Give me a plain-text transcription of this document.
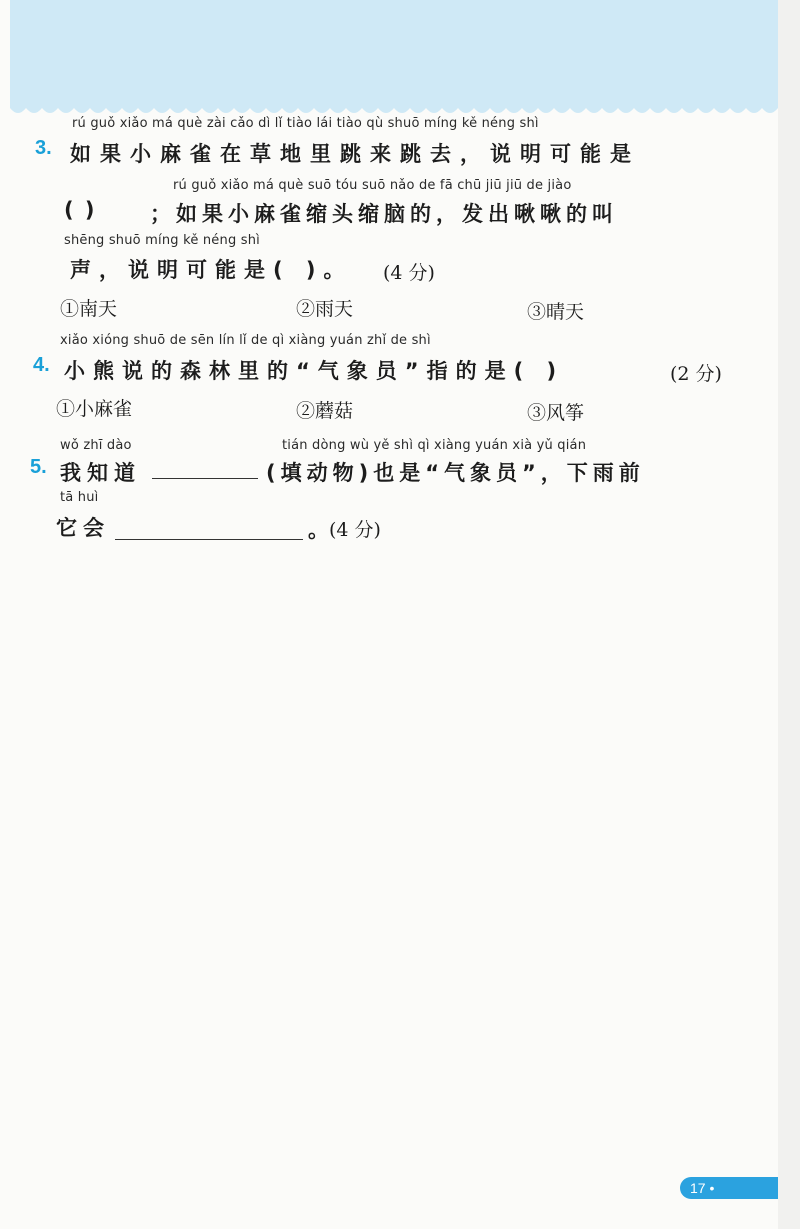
rú guǒ xiǎo má què zài cǎo dì lǐ tiào lái tiào qù shuō míng kě néng shì
3. 如果小麻雀在草地里跳来跳去，说明可能是
rú guǒ xiǎo má què suō tóu suō nǎo de fā chū jiū jiū de jiào
( )	；如果小麻雀缩头缩脑的，发出啾啾的叫
shēng shuō míng kě néng shì
声，说明可能是( )。 (4 分)
①南天	②雨天	③晴天
xiǎo xióng shuō de sēn lín lǐ de qì xiàng yuán zhǐ de shì
4. 小熊说的森林里的“气象员”指的是( )	(2 分)
①小麻雀	②蘑菇	③风筝
wǒ zhī dào	tián dòng wù yě shì qì xiàng yuán xià yǔ qián
5. 我知道	(填动物)也是“气象员”，下雨前
tā huì
它会	。
(4 分)
17 •
